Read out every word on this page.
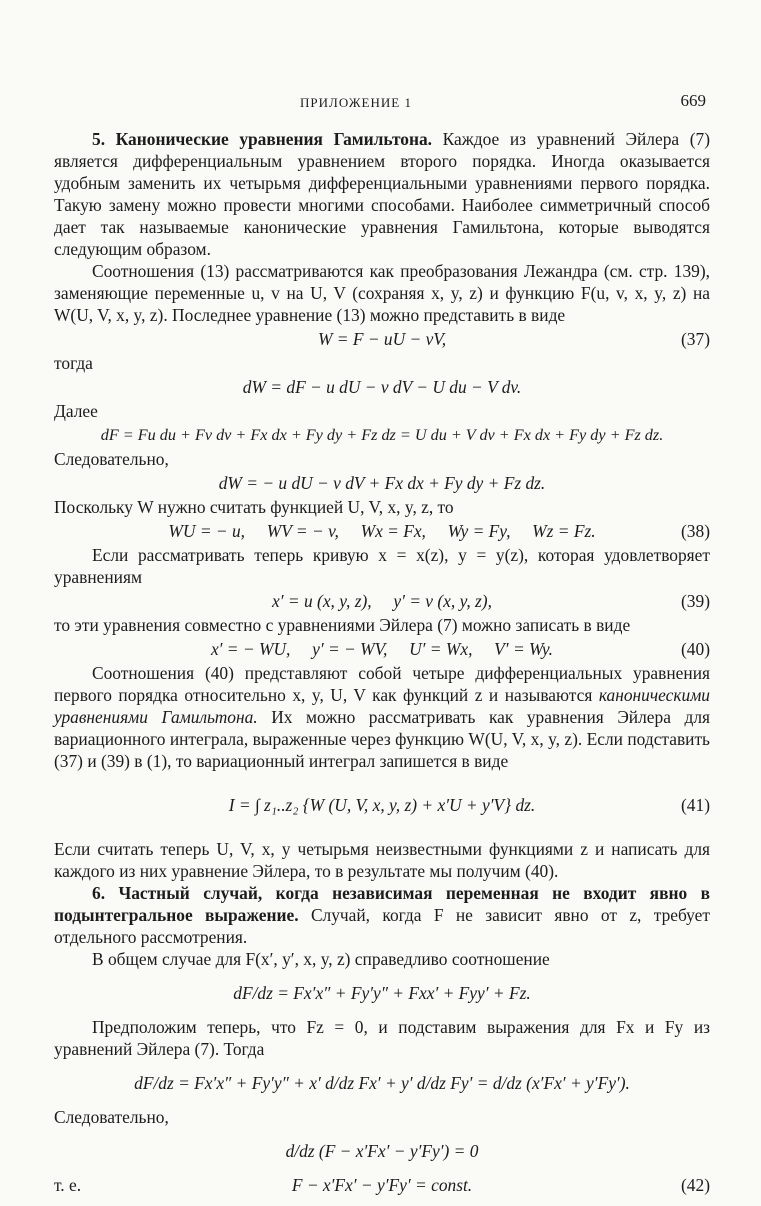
ПРИЛОЖЕНИЕ 1	669

5. Канонические уравнения Гамильтона. Каждое из уравнений Эйлера (7) является дифференциальным уравнением второго порядка. Иногда оказывается удобным заменить их четырьмя дифференциальными уравнениями первого порядка. Такую замену можно провести многими способами. Наиболее симметричный способ дает так называемые канонические уравнения Гамильтона, которые выводятся следующим образом.

Соотношения (13) рассматриваются как преобразования Лежандра (см. стр. 139), заменяющие переменные u, v на U, V (сохраняя x, y, z) и функцию F(u, v, x, y, z) на W(U, V, x, y, z). Последнее уравнение (13) можно представить в виде

W = F − uU − vV,	(37)

тогда

dW = dF − u dU − v dV − U du − V dv.

Далее

dF = Fu du + Fv dv + Fx dx + Fy dy + Fz dz = U du + V dv + Fx dx + Fy dy + Fz dz.

Следовательно,

dW = − u dU − v dV + Fx dx + Fy dy + Fz dz.

Поскольку W нужно считать функцией U, V, x, y, z, то

WU = − u,     WV = − v,     Wx = Fx,     Wy = Fy,     Wz = Fz.	(38)

Если рассматривать теперь кривую x = x(z), y = y(z), которая удовлетворяет уравнениям

x′ = u (x, y, z),     y′ = v (x, y, z),	(39)

то эти уравнения совместно с уравнениями Эйлера (7) можно записать в виде

x′ = − WU,     y′ = − WV,     U′ = Wx,     V′ = Wy.	(40)

Соотношения (40) представляют собой четыре дифференциальных уравнения первого порядка относительно x, y, U, V как функций z и называются каноническими уравнениями Гамильтона. Их можно рассматривать как уравнения Эйлера для вариационного интеграла, выраженные через функцию W(U, V, x, y, z). Если подставить (37) и (39) в (1), то вариационный интеграл запишется в виде

I = ∫ z₁..z₂ {W (U, V, x, y, z) + x′U + y′V} dz.	(41)

Если считать теперь U, V, x, y четырьмя неизвестными функциями z и написать для каждого из них уравнение Эйлера, то в результате мы получим (40).

6. Частный случай, когда независимая переменная не входит явно в подынтегральное выражение. Случай, когда F не зависит явно от z, требует отдельного рассмотрения.

В общем случае для F(x′, y′, x, y, z) справедливо соотношение

dF/dz = Fx′x″ + Fy′y″ + Fxx′ + Fyy′ + Fz.

Предположим теперь, что Fz = 0, и подставим выражения для Fx и Fy из уравнений Эйлера (7). Тогда

dF/dz = Fx′x″ + Fy′y″ + x′ d/dz Fx′ + y′ d/dz Fy′ = d/dz (x′Fx′ + y′Fy′).

Следовательно,

d/dz (F − x′Fx′ − y′Fy′) = 0
т. е.	F − x′Fx′ − y′Fy′ = const.	(42)
